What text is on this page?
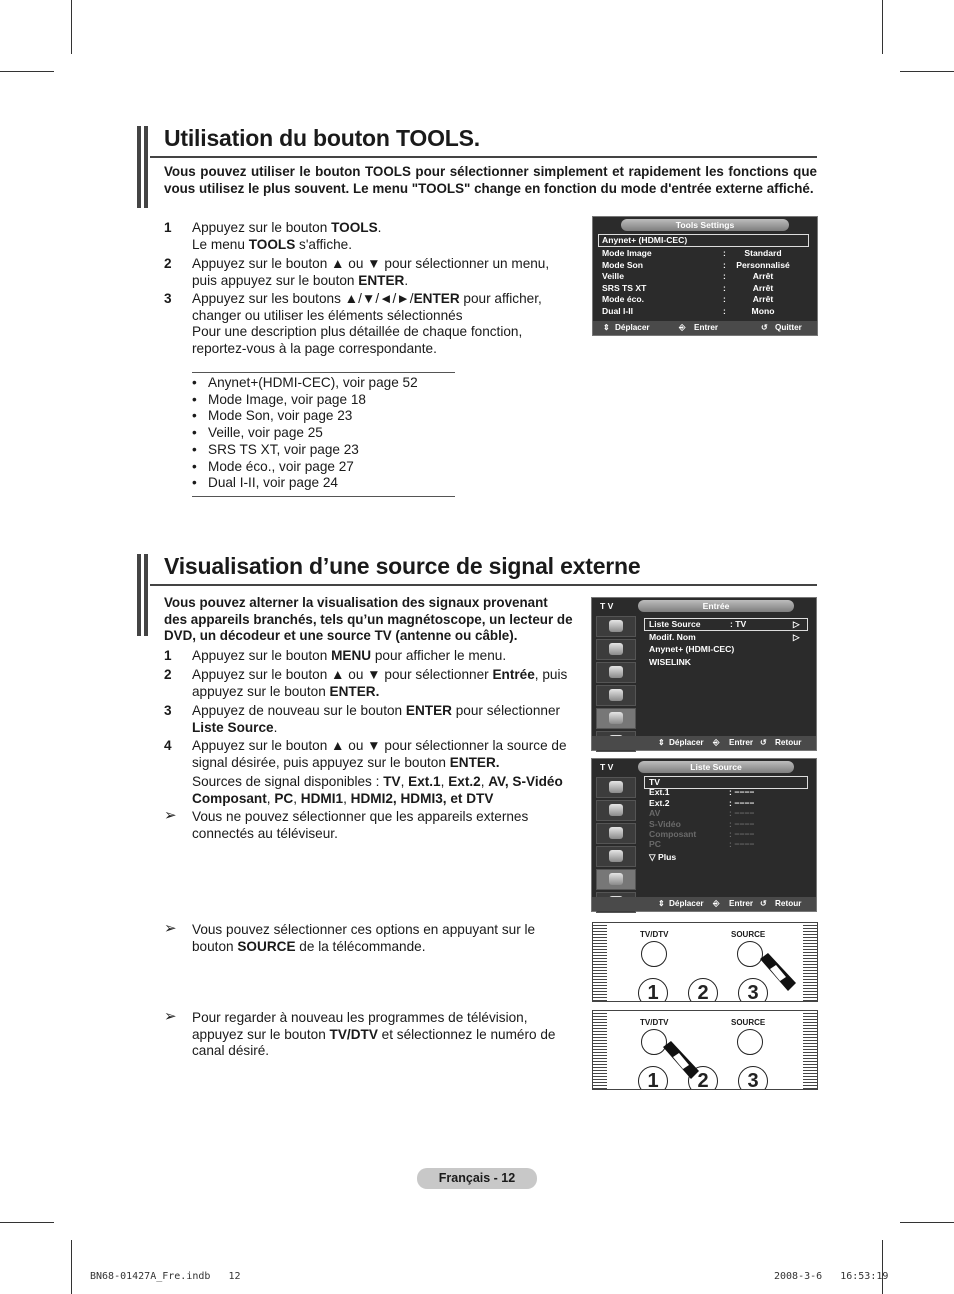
Utilisation du bouton TOOLS.
Vous pouvez utiliser le bouton TOOLS pour sélectionner simplement et rapidement les fonctions que vous utilisez le plus souvent. Le menu "TOOLS" change en fonction du mode d'entrée externe affiché.
1 Appuyez sur le bouton TOOLS.
Le menu TOOLS s'affiche.
2 Appuyez sur le bouton ▲ ou ▼ pour sélectionner un menu,
puis appuyez sur le bouton ENTER.
3 Appuyez sur les boutons ▲/▼/◄/►/ENTER pour afficher,
changer ou utiliser les éléments sélectionnés
Pour une description plus détaillée de chaque fonction,
reportez-vous à la page correspondante.
• Anynet+(HDMI-CEC), voir page 52
• Mode Image, voir page 18
• Mode Son, voir page 23
• Veille, voir page 25
• SRS TS XT, voir page 23
• Mode éco., voir page 27
• Dual I-II, voir page 24
Tools Settings
Anynet+ (HDMI-CEC)
Mode Image	:	Standard
Mode Son	:	Personnalisé
Veille	:	Arrêt
SRS TS XT	:	Arrêt
Mode éco.	:	Arrêt
Dual I-II	:	Mono
⇕ Déplacer	⎆ Entrer	↺ Quitter
Visualisation d’une source de signal externe
Vous pouvez alterner la visualisation des signaux provenant des appareils branchés, tels qu’un magnétoscope, un lecteur de DVD, un décodeur et une source TV (antenne ou câble).
1 Appuyez sur le bouton MENU pour afficher le menu.
2 Appuyez sur le bouton ▲ ou ▼ pour sélectionner Entrée, puis
appuyez sur le bouton ENTER.
3 Appuyez de nouveau sur le bouton ENTER pour sélectionner
Liste Source.
4 Appuyez sur le bouton ▲ ou ▼ pour sélectionner la source de
signal désirée, puis appuyez sur le bouton ENTER.
Sources de signal disponibles : TV, Ext.1, Ext.2, AV, S-Vidéo
Composant, PC, HDMI1, HDMI2, HDMI3, et DTV
➢ Vous ne pouvez sélectionner que les appareils externes
connectés au téléviseur.
➢ Vous pouvez sélectionner ces options en appuyant sur le
bouton SOURCE de la télécommande.
➢ Pour regarder à nouveau les programmes de télévision,
appuyez sur le bouton TV/DTV et sélectionnez le numéro de
canal désiré.
T V	Entrée
Liste Source	: TV	▷
Modif. Nom	▷
Anynet+ (HDMI-CEC)
WISELINK
⇕ Déplacer ⎆ Entrer ↺ Retour
T V	Liste Source
TV
Ext.1	: −−−−
Ext.2	: −−−−
AV	: −−−−
S-Vidéo	: −−−−
Composant	: −−−−
PC	: −−−−
▽ Plus
⇕ Déplacer ⎆ Entrer ↺ Retour
TV/DTV	SOURCE
1	2	3
TV/DTV	SOURCE
1	2	3
Français - 12
BN68-01427A_Fre.indb   12	2008-3-6   16:53:19
